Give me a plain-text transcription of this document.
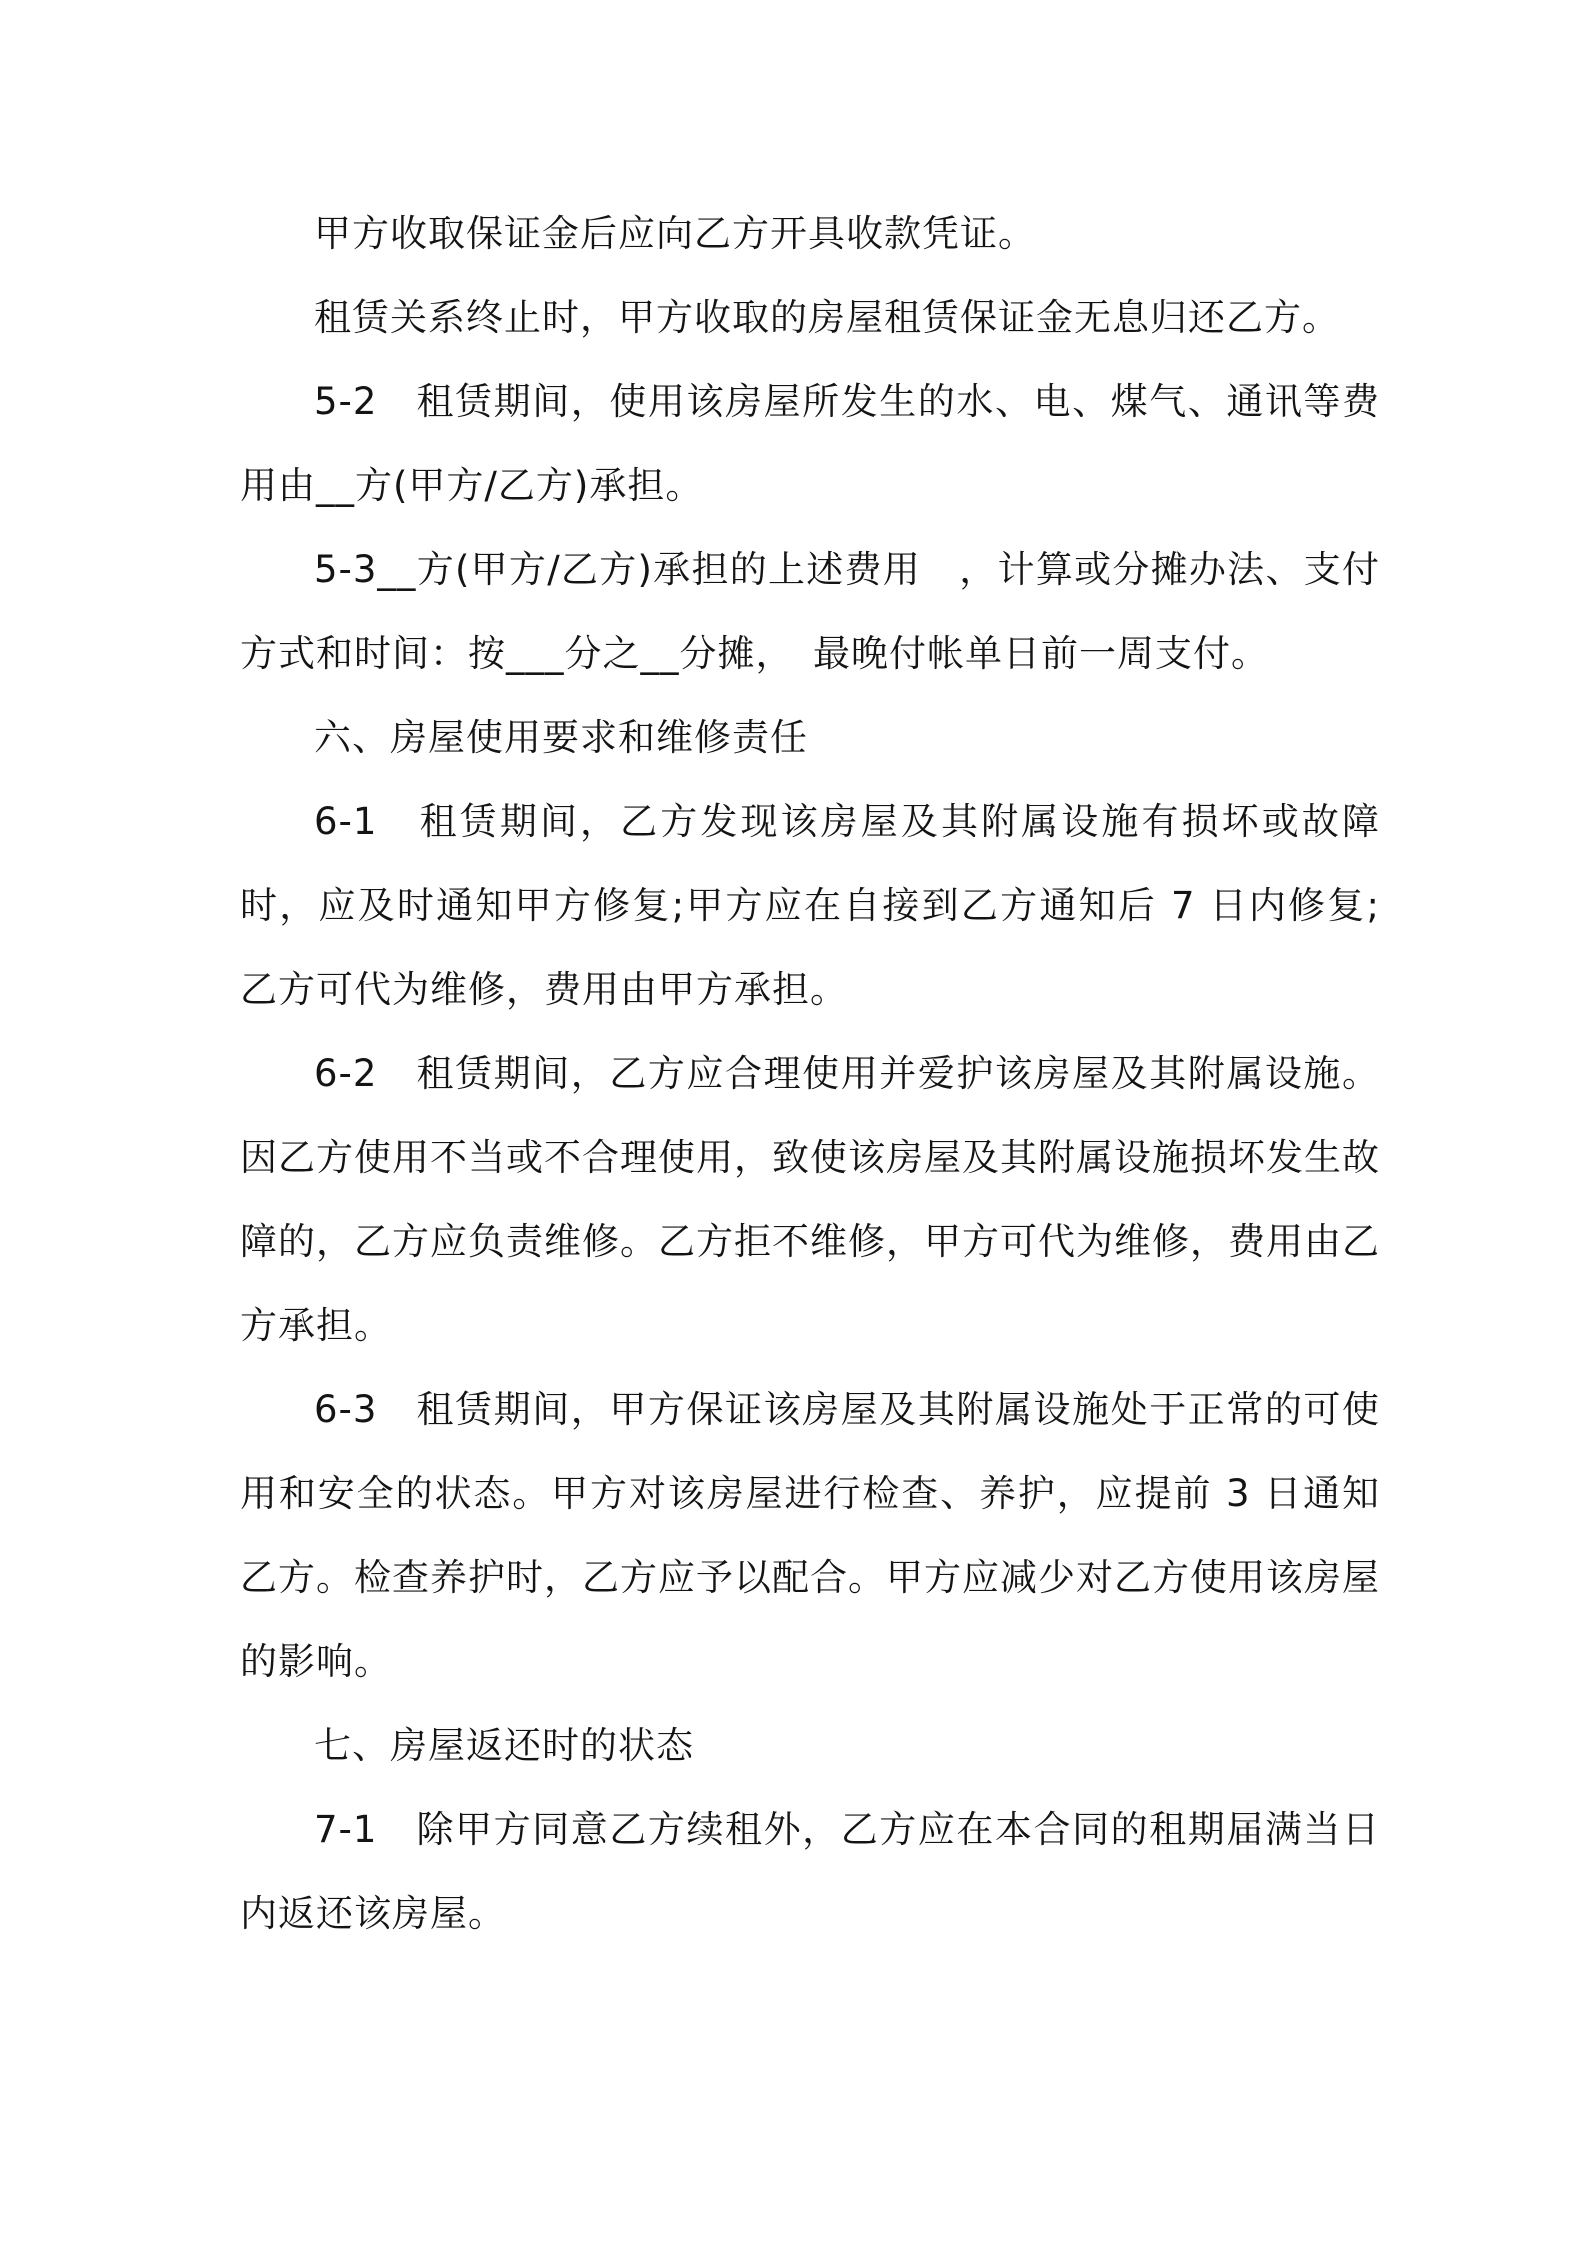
甲方收取保证金后应向乙方开具收款凭证。

租赁关系终止时，甲方收取的房屋租赁保证金无息归还乙方。

5-2　租赁期间，使用该房屋所发生的水、电、煤气、通讯等费用由__方(甲方/乙方)承担。

5-3__方(甲方/乙方)承担的上述费用　，计算或分摊办法、支付方式和时间：按___分之__分摊，　最晚付帐单日前一周支付。

六、房屋使用要求和维修责任

6-1　租赁期间，乙方发现该房屋及其附属设施有损坏或故障时，应及时通知甲方修复;甲方应在自接到乙方通知后 7 日内修复;乙方可代为维修，费用由甲方承担。

6-2　租赁期间，乙方应合理使用并爱护该房屋及其附属设施。因乙方使用不当或不合理使用，致使该房屋及其附属设施损坏发生故障的，乙方应负责维修。乙方拒不维修，甲方可代为维修，费用由乙方承担。

6-3　租赁期间，甲方保证该房屋及其附属设施处于正常的可使用和安全的状态。甲方对该房屋进行检查、养护，应提前 3 日通知乙方。检查养护时，乙方应予以配合。甲方应减少对乙方使用该房屋的影响。

七、房屋返还时的状态

7-1　除甲方同意乙方续租外，乙方应在本合同的租期届满当日内返还该房屋。
